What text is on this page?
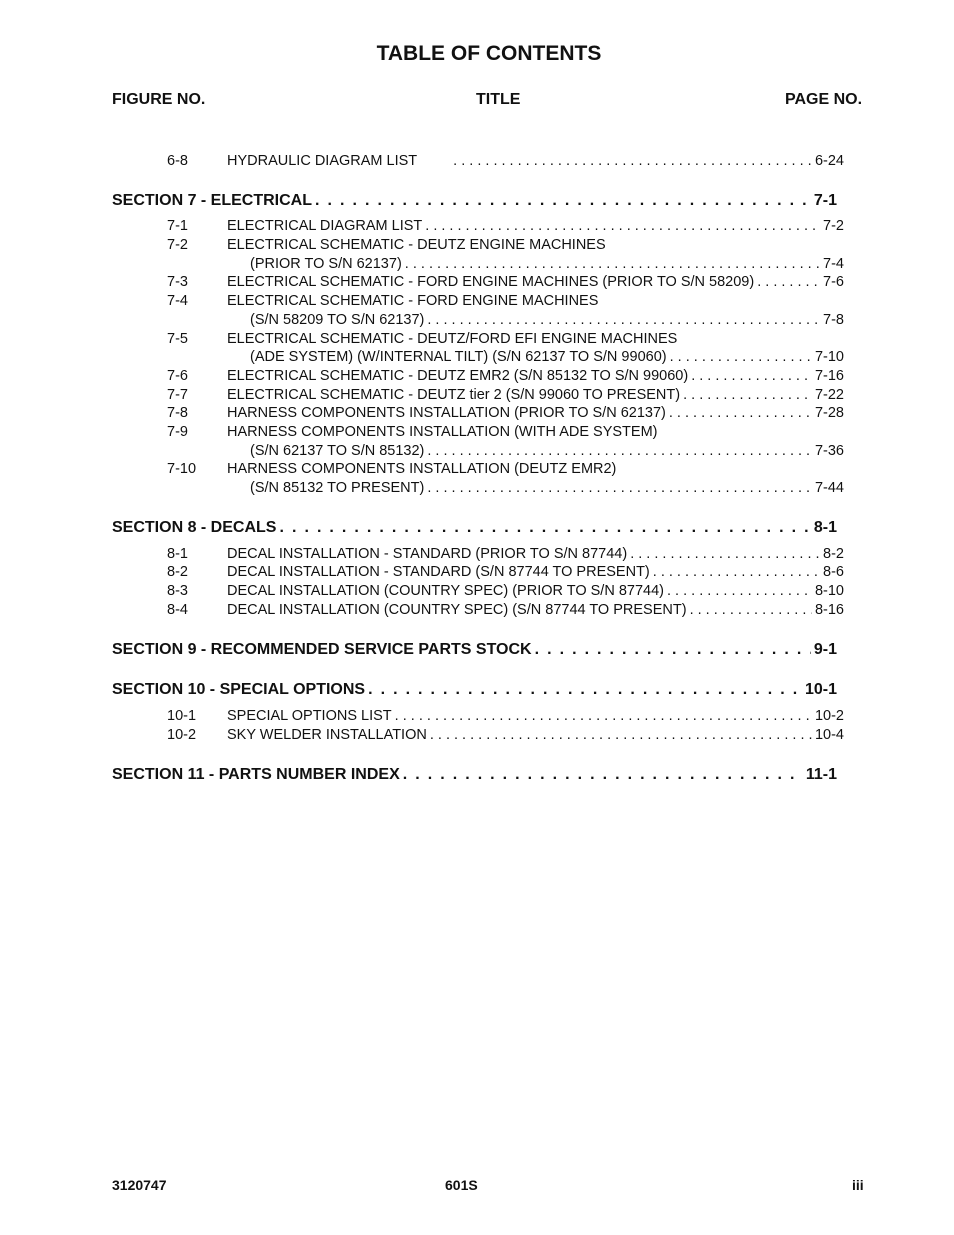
TABLE OF CONTENTS
FIGURE NO.	TITLE	PAGE NO.
6-8	HYDRAULIC DIAGRAM LIST . . .	6-24
SECTION 7 - ELECTRICAL . . .	7-1
7-1	ELECTRICAL DIAGRAM LIST . . .	7-2
7-2	ELECTRICAL SCHEMATIC - DEUTZ ENGINE MACHINES
(PRIOR TO S/N 62137) . . .	7-4
7-3	ELECTRICAL SCHEMATIC - FORD ENGINE MACHINES (PRIOR TO S/N 58209) . . .	7-6
7-4	ELECTRICAL SCHEMATIC - FORD ENGINE MACHINES
(S/N 58209 TO S/N 62137) . . .	7-8
7-5	ELECTRICAL SCHEMATIC - DEUTZ/FORD EFI ENGINE MACHINES
(ADE SYSTEM) (W/INTERNAL TILT) (S/N 62137 TO S/N 99060) . . .	7-10
7-6	ELECTRICAL SCHEMATIC - DEUTZ EMR2 (S/N 85132 TO S/N 99060) . . .	7-16
7-7	ELECTRICAL SCHEMATIC - DEUTZ tier 2 (S/N 99060 TO PRESENT) . . .	7-22
7-8	HARNESS COMPONENTS INSTALLATION (PRIOR TO S/N 62137) . . .	7-28
7-9	HARNESS COMPONENTS INSTALLATION (WITH ADE SYSTEM)
(S/N 62137 TO S/N 85132) . . .	7-36
7-10	HARNESS COMPONENTS INSTALLATION (DEUTZ EMR2)
(S/N 85132 TO PRESENT) . . .	7-44
SECTION 8 - DECALS . . .	8-1
8-1	DECAL INSTALLATION - STANDARD (PRIOR TO S/N 87744) . . .	8-2
8-2	DECAL INSTALLATION - STANDARD (S/N 87744 TO PRESENT) . . .	8-6
8-3	DECAL INSTALLATION (COUNTRY SPEC) (PRIOR TO S/N 87744) . . .	8-10
8-4	DECAL INSTALLATION (COUNTRY SPEC) (S/N 87744 TO PRESENT) . . .	8-16
SECTION 9 - RECOMMENDED SERVICE PARTS STOCK . . .	9-1
SECTION 10 - SPECIAL OPTIONS . . .	10-1
10-1	SPECIAL OPTIONS LIST . . .	10-2
10-2	SKY WELDER INSTALLATION . . .	10-4
SECTION 11 - PARTS NUMBER INDEX . . .	11-1
3120747	601S	iii
